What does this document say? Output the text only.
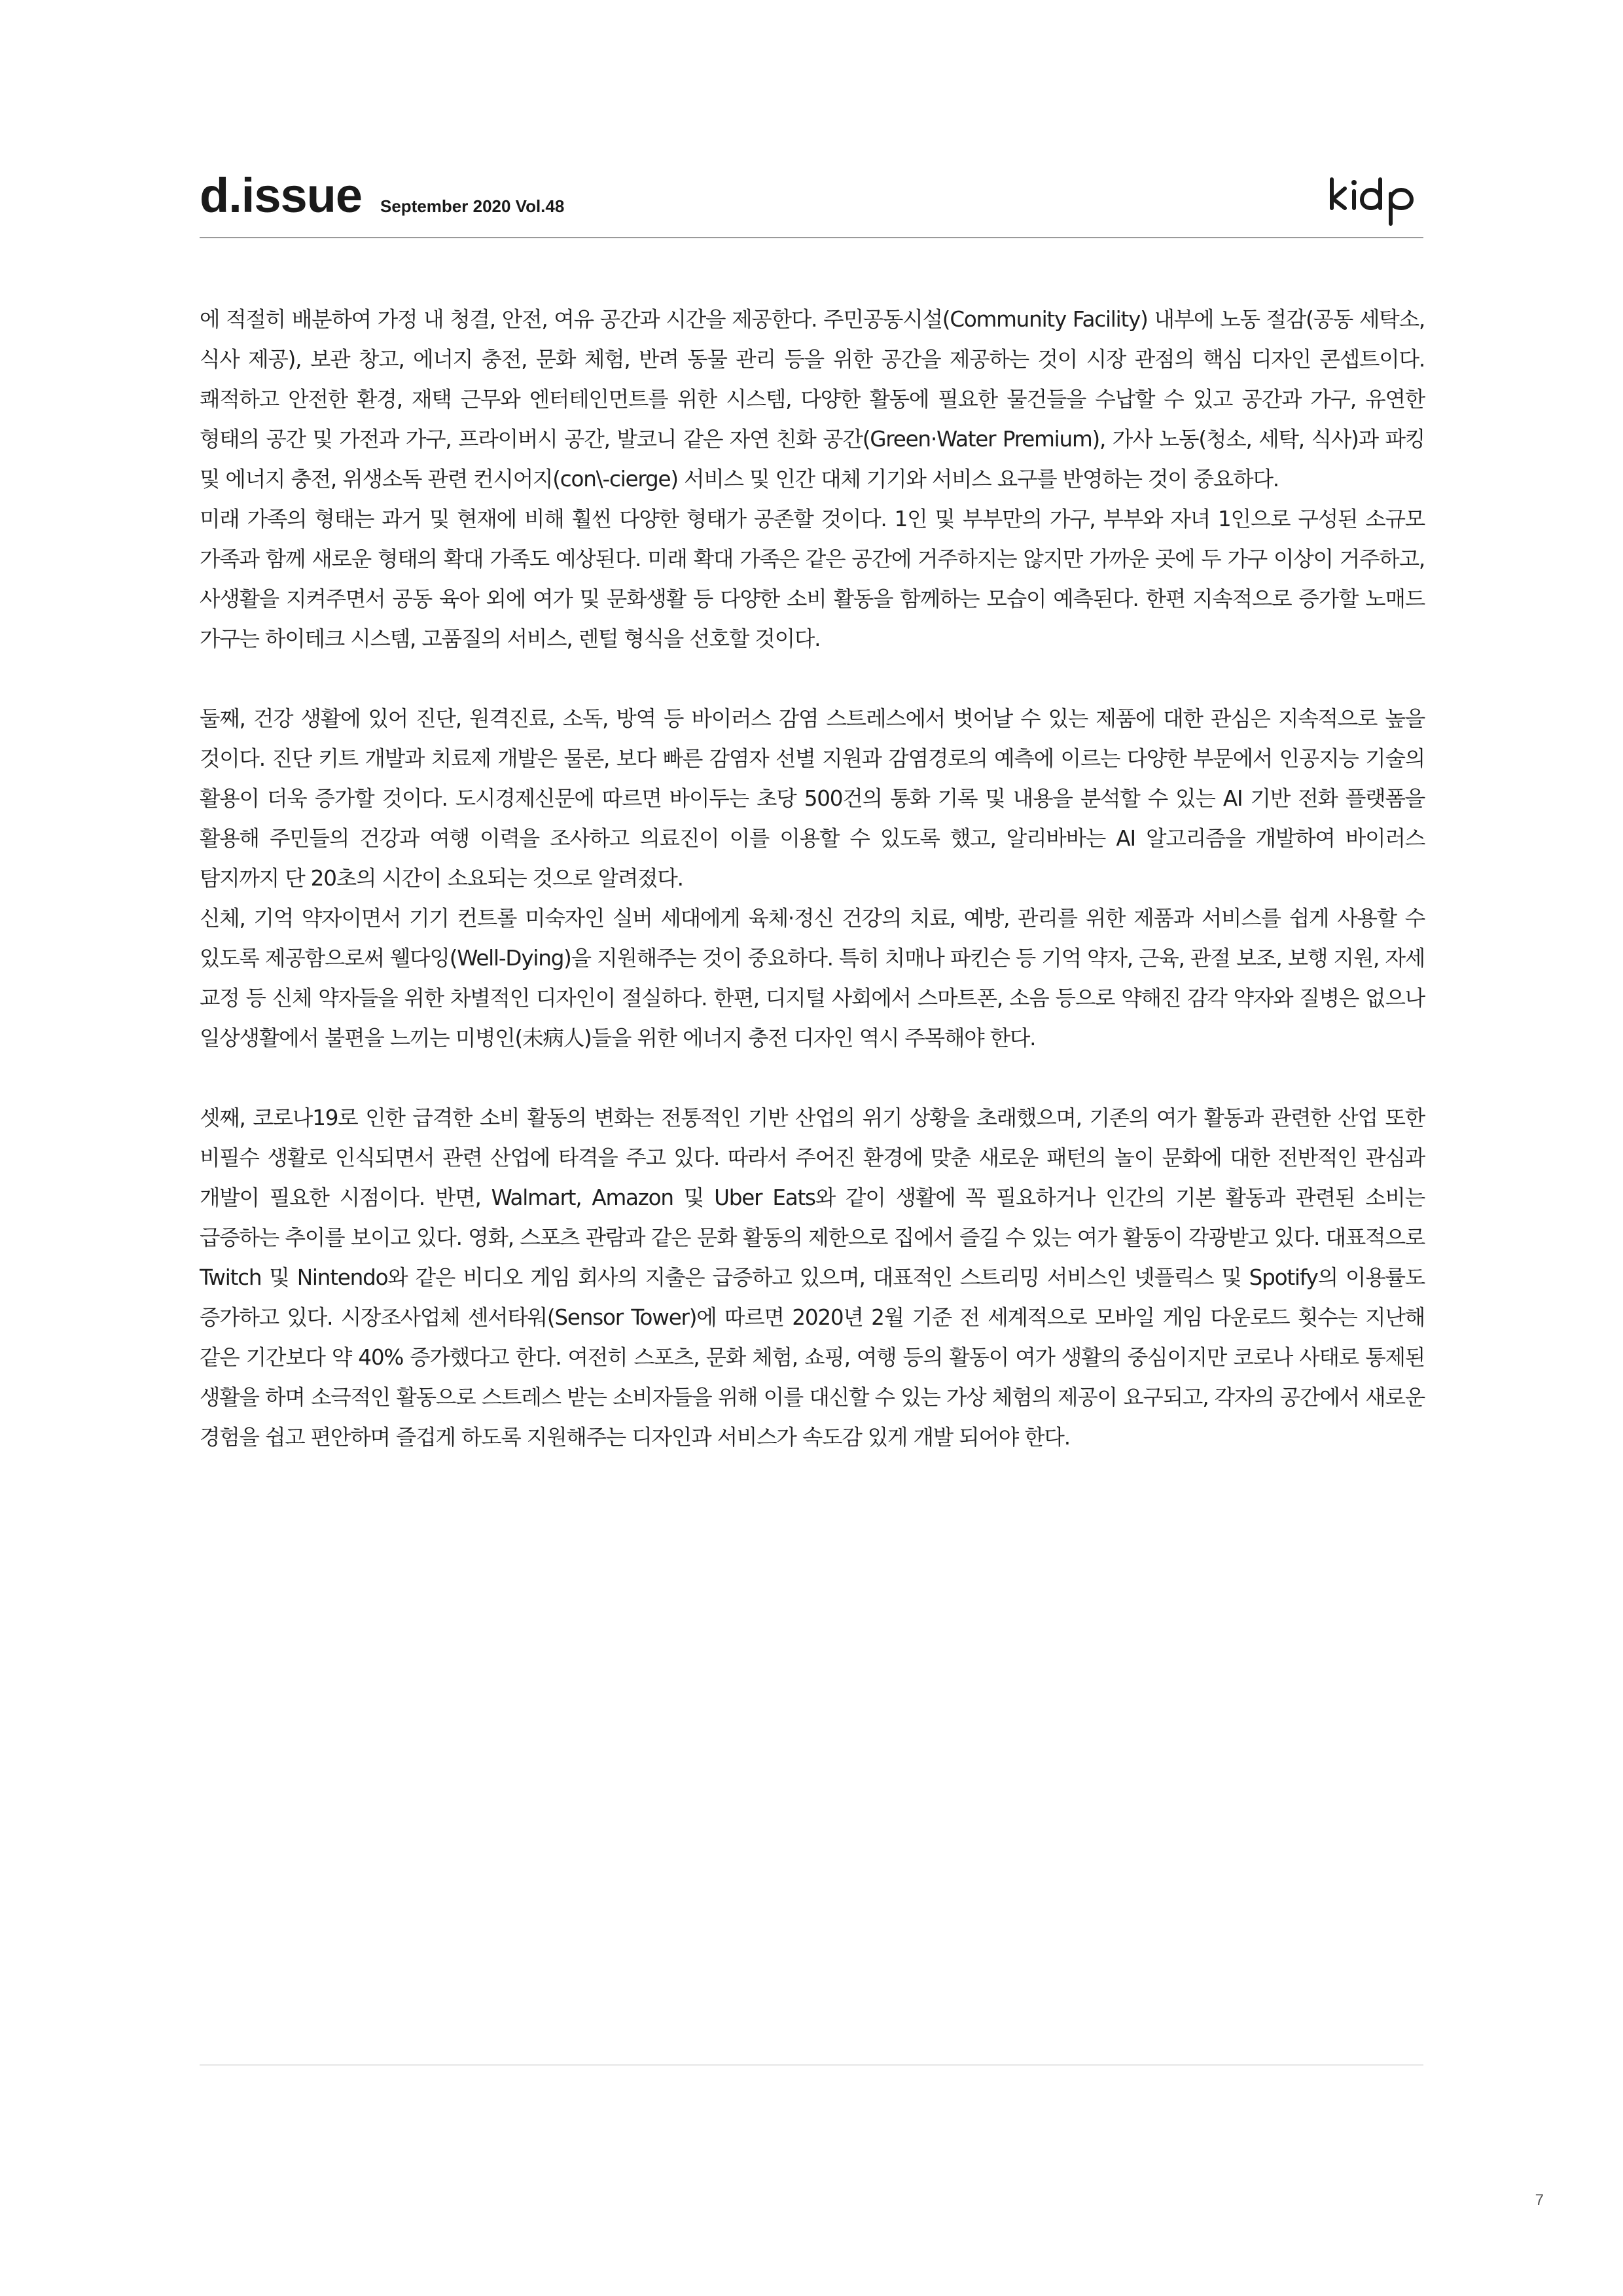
d.issue September 2020 Vol.48

에 적절히 배분하여 가정 내 청결, 안전, 여유 공간과 시간을 제공한다. 주민공동시설(Community Facility) 내부에 노동 절감(공동 세탁소, 식사 제공), 보관 창고, 에너지 충전, 문화 체험, 반려 동물 관리 등을 위한 공간을 제공하는 것이 시장 관점의 핵심 디자인 콘셉트이다. 쾌적하고 안전한 환경, 재택 근무와 엔터테인먼트를 위한 시스템, 다양한 활동에 필요한 물건들을 수납할 수 있고 공간과 가구, 유연한 형태의 공간 및 가전과 가구, 프라이버시 공간, 발코니 같은 자연 친화 공간(Green·Water Premium), 가사 노동(청소, 세탁, 식사)과 파킹 및 에너지 충전, 위생소독 관련 컨시어지(con\-cierge) 서비스 및 인간 대체 기기와 서비스 요구를 반영하는 것이 중요하다.

미래 가족의 형태는 과거 및 현재에 비해 훨씬 다양한 형태가 공존할 것이다. 1인 및 부부만의 가구, 부부와 자녀 1인으로 구성된 소규모 가족과 함께 새로운 형태의 확대 가족도 예상된다. 미래 확대 가족은 같은 공간에 거주하지는 않지만 가까운 곳에 두 가구 이상이 거주하고, 사생활을 지켜주면서 공동 육아 외에 여가 및 문화생활 등 다양한 소비 활동을 함께하는 모습이 예측된다. 한편 지속적으로 증가할 노매드 가구는 하이테크 시스템, 고품질의 서비스, 렌털 형식을 선호할 것이다.

둘째, 건강 생활에 있어 진단, 원격진료, 소독, 방역 등 바이러스 감염 스트레스에서 벗어날 수 있는 제품에 대한 관심은 지속적으로 높을 것이다. 진단 키트 개발과 치료제 개발은 물론, 보다 빠른 감염자 선별 지원과 감염경로의 예측에 이르는 다양한 부문에서 인공지능 기술의 활용이 더욱 증가할 것이다. 도시경제신문에 따르면 바이두는 초당 500건의 통화 기록 및 내용을 분석할 수 있는 AI 기반 전화 플랫폼을 활용해 주민들의 건강과 여행 이력을 조사하고 의료진이 이를 이용할 수 있도록 했고, 알리바바는 AI 알고리즘을 개발하여 바이러스 탐지까지 단 20초의 시간이 소요되는 것으로 알려졌다.

신체, 기억 약자이면서 기기 컨트롤 미숙자인 실버 세대에게 육체·정신 건강의 치료, 예방, 관리를 위한 제품과 서비스를 쉽게 사용할 수 있도록 제공함으로써 웰다잉(Well-Dying)을 지원해주는 것이 중요하다. 특히 치매나 파킨슨 등 기억 약자, 근육, 관절 보조, 보행 지원, 자세 교정 등 신체 약자들을 위한 차별적인 디자인이 절실하다. 한편, 디지털 사회에서 스마트폰, 소음 등으로 약해진 감각 약자와 질병은 없으나 일상생활에서 불편을 느끼는 미병인(未病人)들을 위한 에너지 충전 디자인 역시 주목해야 한다.

셋째, 코로나19로 인한 급격한 소비 활동의 변화는 전통적인 기반 산업의 위기 상황을 초래했으며, 기존의 여가 활동과 관련한 산업 또한 비필수 생활로 인식되면서 관련 산업에 타격을 주고 있다. 따라서 주어진 환경에 맞춘 새로운 패턴의 놀이 문화에 대한 전반적인 관심과 개발이 필요한 시점이다. 반면, Walmart, Amazon 및 Uber Eats와 같이 생활에 꼭 필요하거나 인간의 기본 활동과 관련된 소비는 급증하는 추이를 보이고 있다. 영화, 스포츠 관람과 같은 문화 활동의 제한으로 집에서 즐길 수 있는 여가 활동이 각광받고 있다. 대표적으로 Twitch 및 Nintendo와 같은 비디오 게임 회사의 지출은 급증하고 있으며, 대표적인 스트리밍 서비스인 넷플릭스 및 Spotify의 이용률도 증가하고 있다. 시장조사업체 센서타워(Sensor Tower)에 따르면 2020년 2월 기준 전 세계적으로 모바일 게임 다운로드 횟수는 지난해 같은 기간보다 약 40% 증가했다고 한다. 여전히 스포츠, 문화 체험, 쇼핑, 여행 등의 활동이 여가 생활의 중심이지만 코로나 사태로 통제된 생활을 하며 소극적인 활동으로 스트레스 받는 소비자들을 위해 이를 대신할 수 있는 가상 체험의 제공이 요구되고, 각자의 공간에서 새로운 경험을 쉽고 편안하며 즐겁게 하도록 지원해주는 디자인과 서비스가 속도감 있게 개발 되어야 한다.

7
